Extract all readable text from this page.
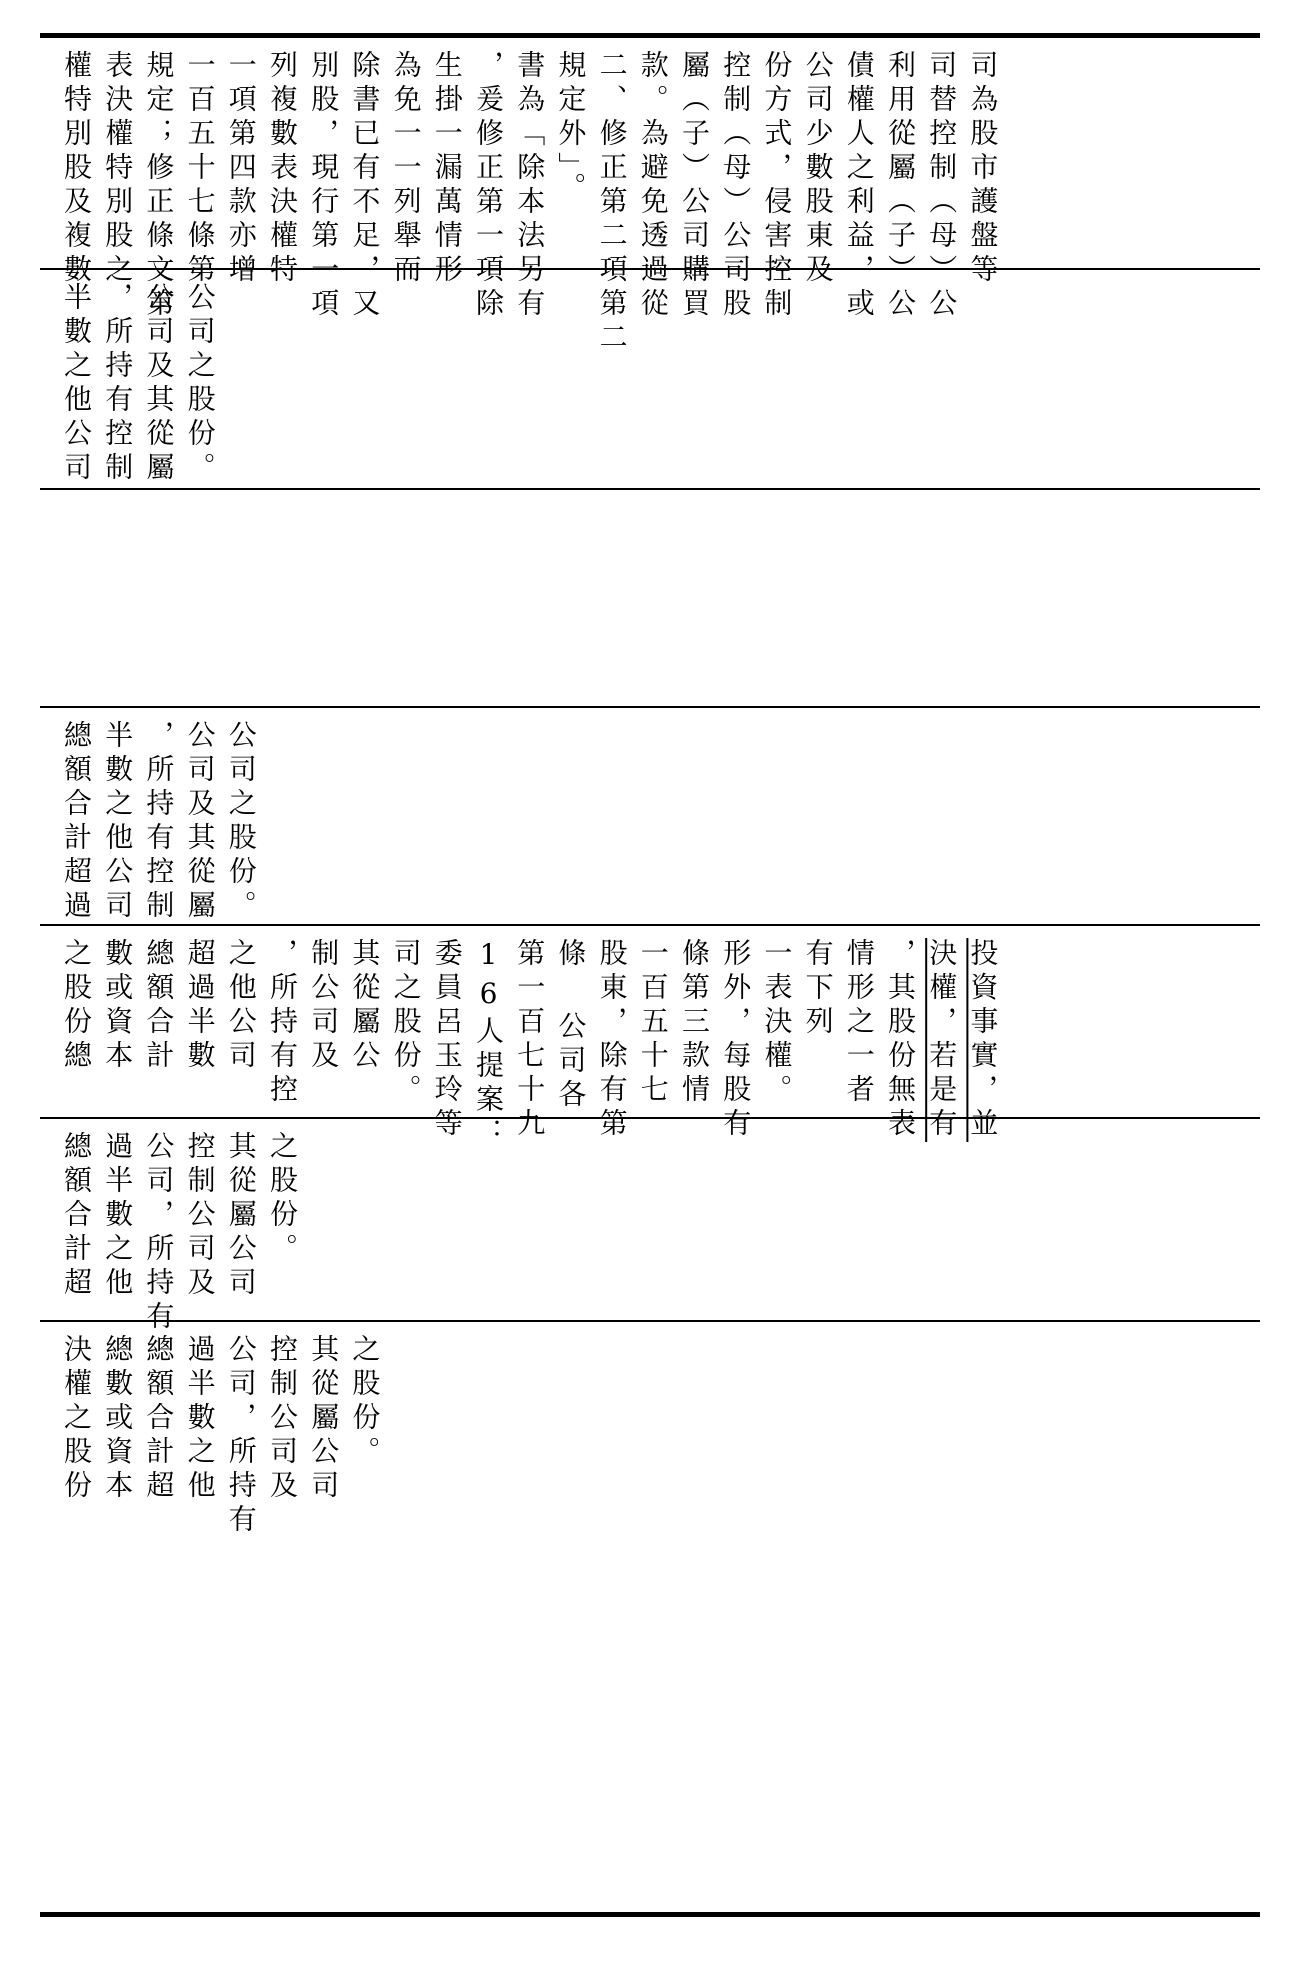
權特別股及複數 表決權特別股之 規定；修正條文第 一百五十七條第 一項第四款亦增 列複數表決權特 別股，現行第一項 除書已有不足，又 為免一一列舉而 生掛一漏萬情形 ，爰修正第一項除 書為「除本法另有 規定外」。 二、修正第二項第二 款。為避免透過從 屬（子）公司購買 控制（母）公司股 份方式，侵害控制 公司少數股東及 債權人之利益，或 利用從屬（子）公 司替控制（母）公 司為股市護盤等
半數之他公司 ，所持有控制 公司及其從屬 公司之股份。
總額合計超過 半數之他公司 ，所持有控制 公司及其從屬 公司之股份。
之股份總 數或資本 總額合計 超過半數 之他公司 ，所持有控 制公司及 其從屬公 司之股份。 委員呂玉玲等 16人提案： 第一百七十九 條 公司各 股東，除有第 一百五十七 條第三款情 形外，每股有 一表決權。 有下列 情形之一者 ，其股份無表 決權，若是有 投資事實，並
總額合計超 過半數之他 公司，所持有 控制公司及 其從屬公司 之股份。
決權之股份 總數或資本 總額合計超 過半數之他 公司，所持有 控制公司及 其從屬公司 之股份。
